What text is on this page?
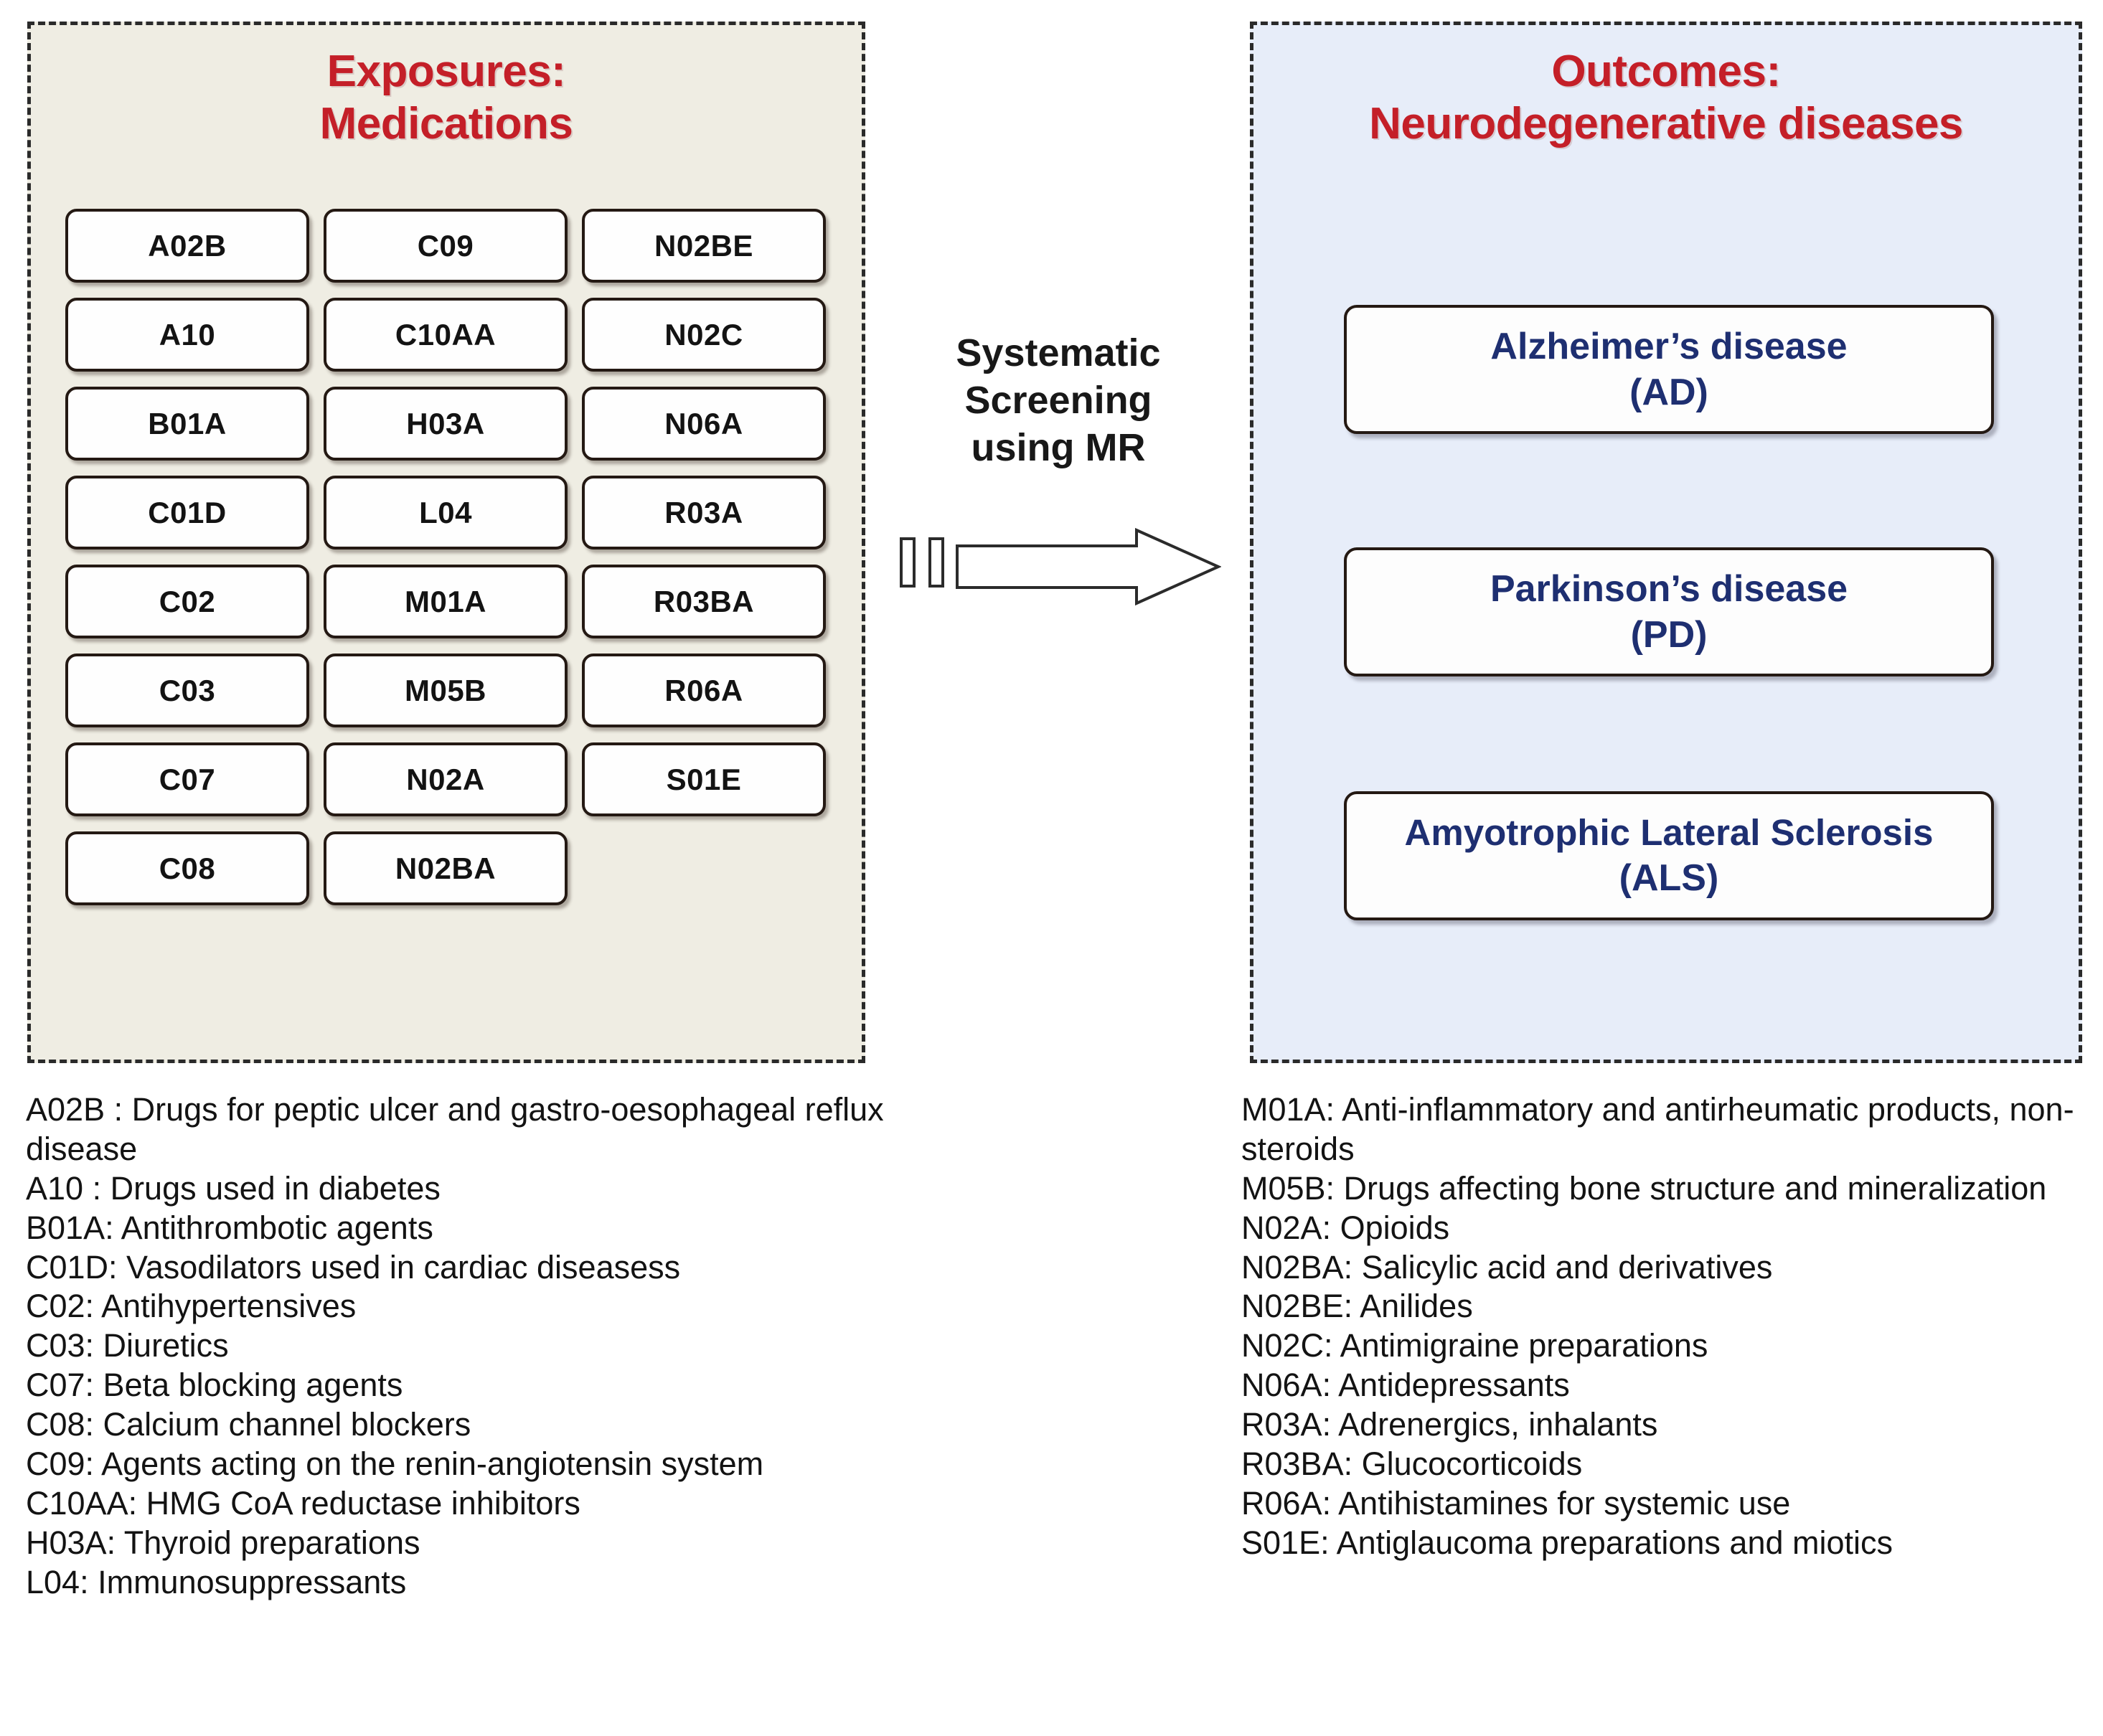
Exposures:
Medications
A02B	C09	N02BE
A10	C10AA	N02C
B01A	H03A	N06A
C01D	L04	R03A
C02	M01A	R03BA
C03	M05B	R06A
C07	N02A	S01E
C08	N02BA
Systematic
Screening
using MR
Outcomes:
Neurodegenerative diseases
Alzheimer’s disease
(AD)
Parkinson’s disease
(PD)
Amyotrophic Lateral Sclerosis
(ALS)

A02B : Drugs for peptic ulcer and gastro-oesophageal reflux disease

A10 : Drugs used in diabetes

B01A: Antithrombotic agents

C01D: Vasodilators used in cardiac diseasess

C02: Antihypertensives

C03: Diuretics

C07: Beta blocking agents

C08: Calcium channel blockers

C09: Agents acting on the renin-angiotensin system

C10AA: HMG CoA reductase inhibitors

H03A: Thyroid preparations

L04: Immunosuppressants

M01A: Anti-inflammatory and antirheumatic products, non-steroids

M05B: Drugs affecting bone structure and mineralization

N02A: Opioids

N02BA: Salicylic acid and derivatives

N02BE: Anilides

N02C: Antimigraine preparations

N06A: Antidepressants

R03A: Adrenergics, inhalants

R03BA: Glucocorticoids

R06A: Antihistamines for systemic use

S01E: Antiglaucoma preparations and miotics
